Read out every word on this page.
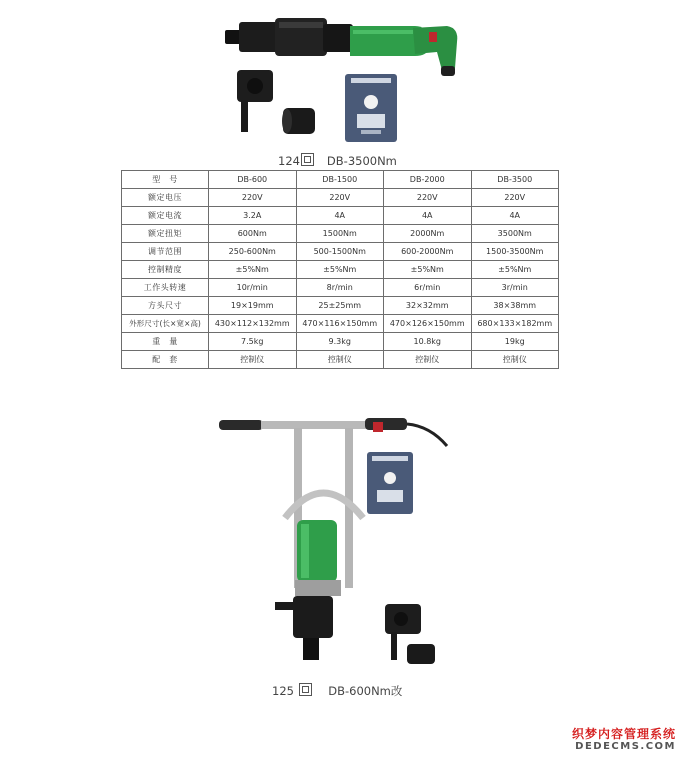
124 DB-3500Nm
型　号	DB-600	DB-1500	DB-2000	DB-3500
额定电压	220V	220V	220V	220V
额定电流	3.2A	4A	4A	4A
额定扭矩	600Nm	1500Nm	2000Nm	3500Nm
调节范围	250-600Nm	500-1500Nm	600-2000Nm	1500-3500Nm
控制精度	±5%Nm	±5%Nm	±5%Nm	±5%Nm
工作头转速	10r/min	8r/min	6r/min	3r/min
方头尺寸	19×19mm	25±25mm	32×32mm	38×38mm
外形尺寸(长×宽×高)	430×112×132mm	470×116×150mm	470×126×150mm	680×133×182mm
重　量	7.5kg	9.3kg	10.8kg	19kg
配　套	控制仪	控制仪	控制仪	控制仪
125	DB-600Nm改
织梦内容管理系统
DEDECMS.COM
